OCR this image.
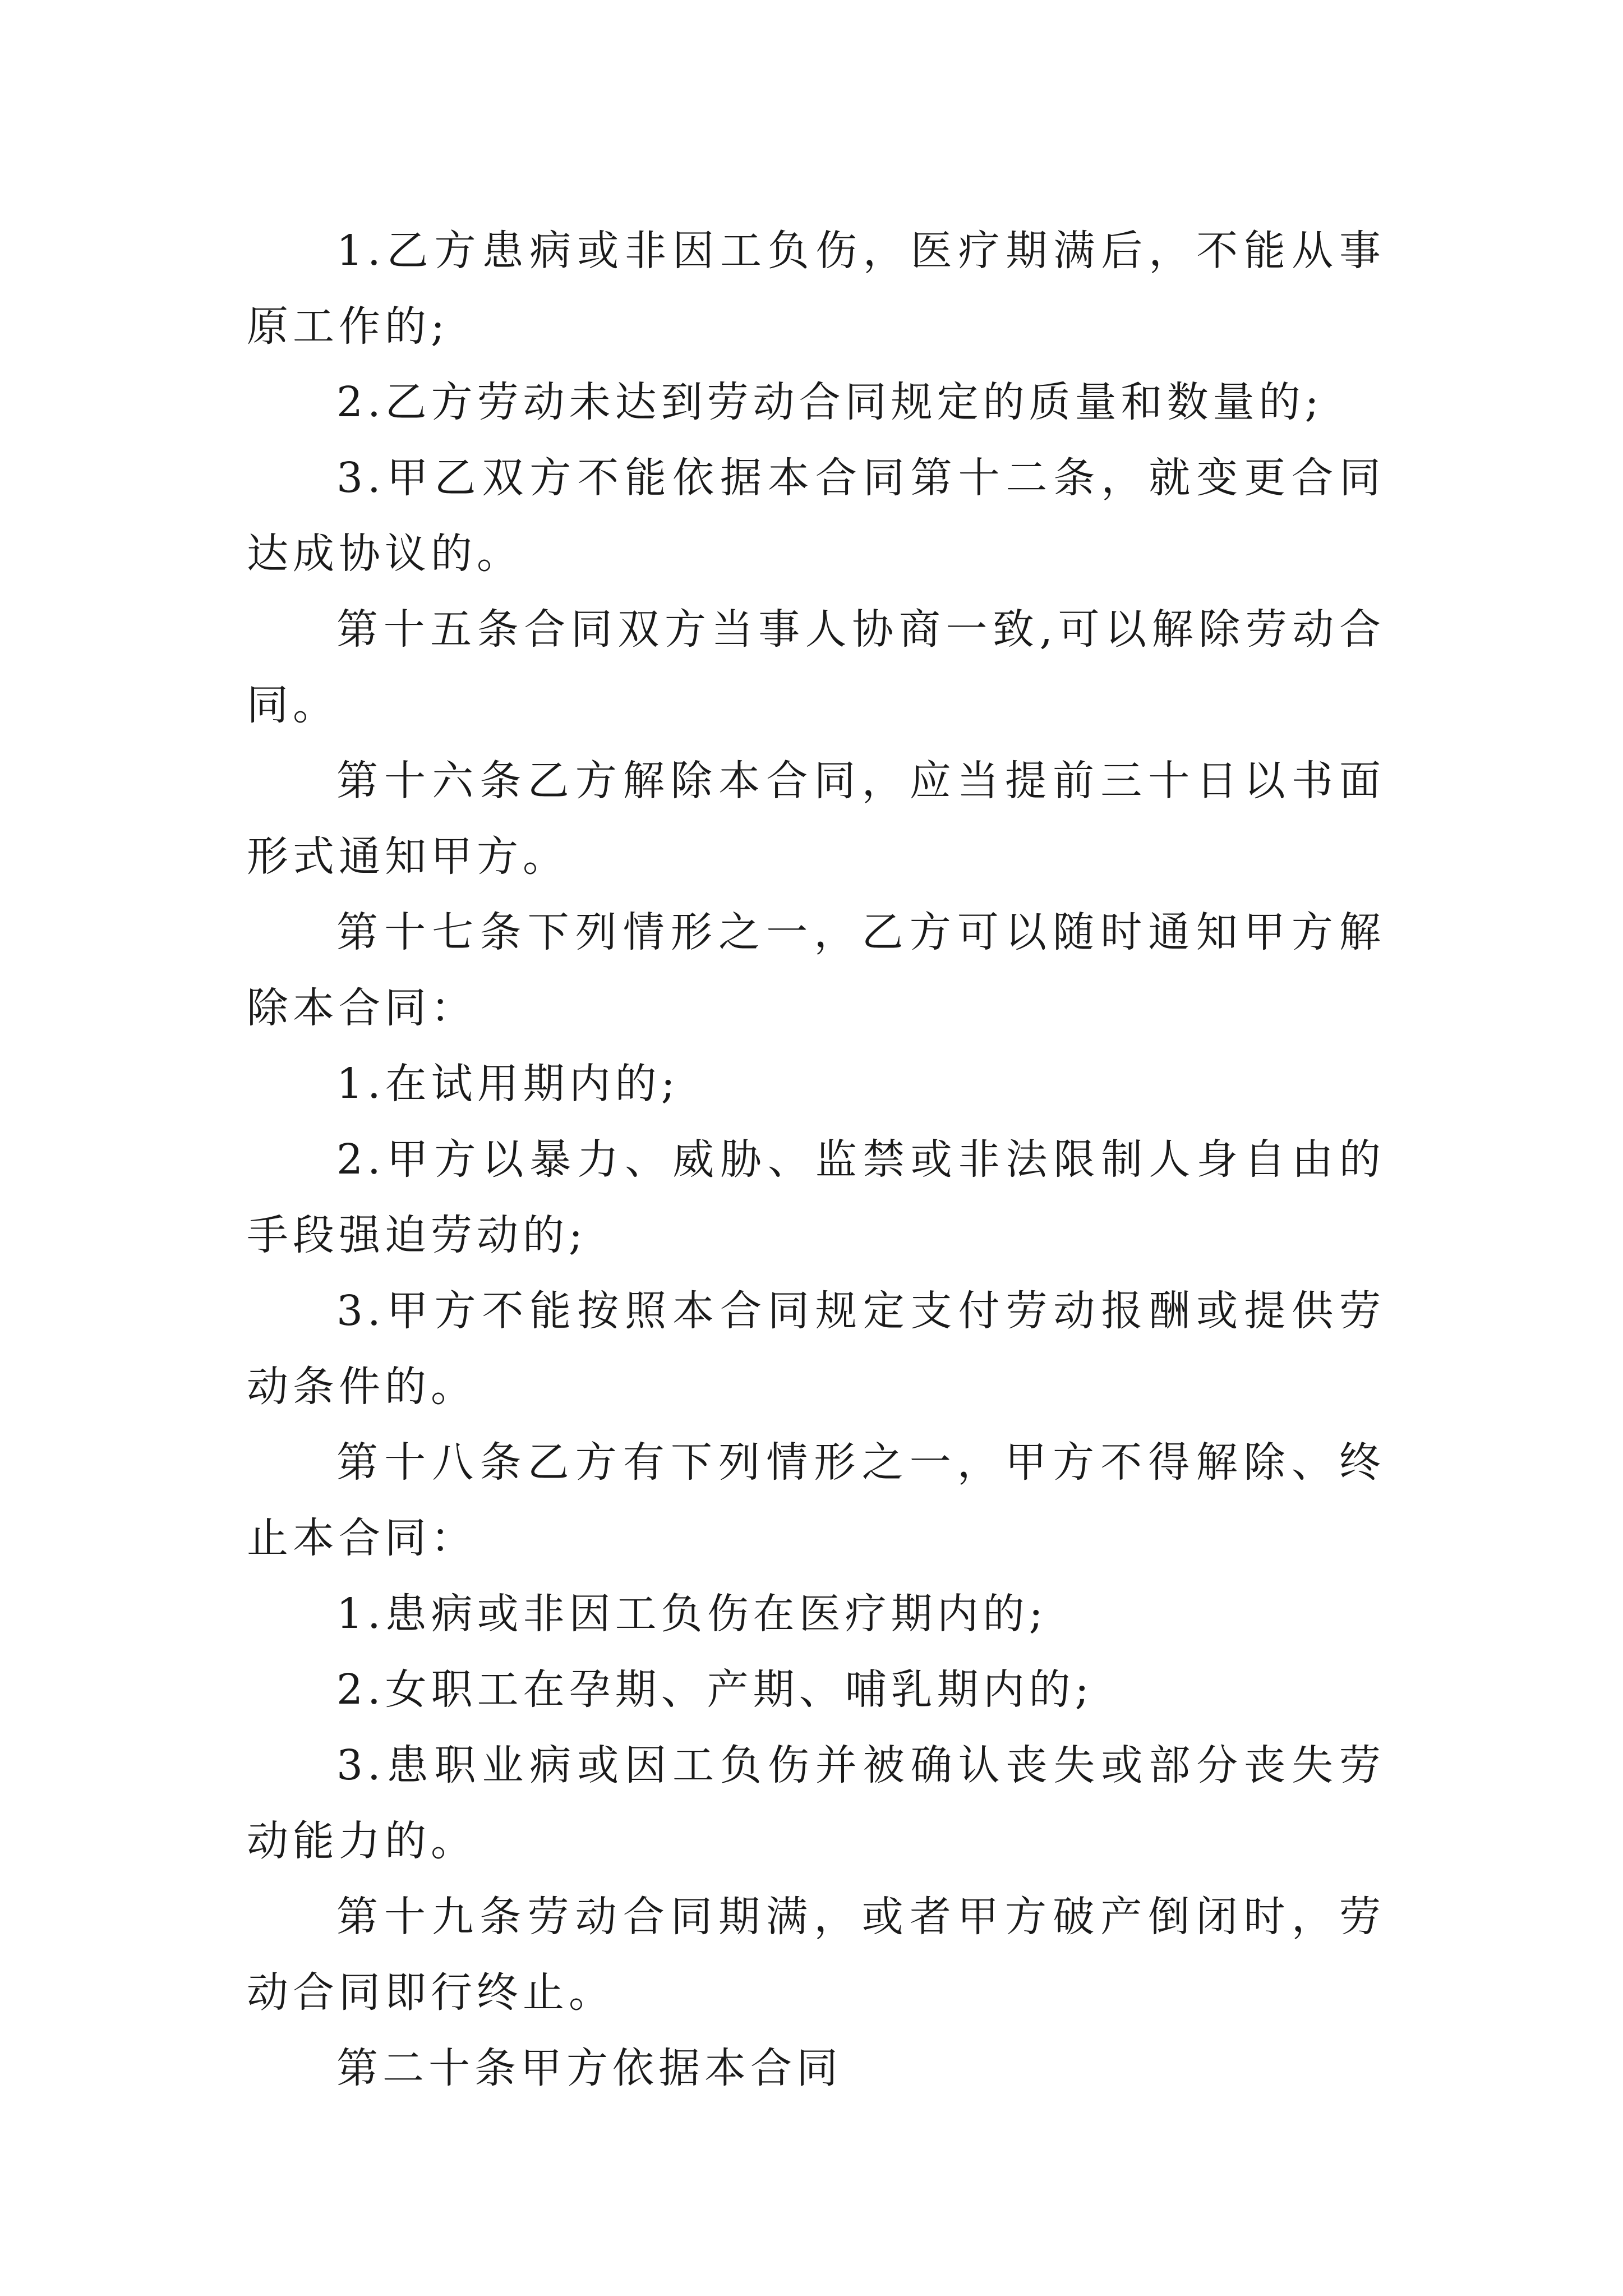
1.乙方患病或非因工负伤，医疗期满后，不能从事原工作的;

2.乙方劳动未达到劳动合同规定的质量和数量的;

3.甲乙双方不能依据本合同第十二条，就变更合同达成协议的。

第十五条合同双方当事人协商一致,可以解除劳动合同。

第十六条乙方解除本合同，应当提前三十日以书面形式通知甲方。

第十七条下列情形之一，乙方可以随时通知甲方解除本合同：

1.在试用期内的;

2.甲方以暴力、威胁、监禁或非法限制人身自由的手段强迫劳动的;

3.甲方不能按照本合同规定支付劳动报酬或提供劳动条件的。

第十八条乙方有下列情形之一，甲方不得解除、终止本合同：

1.患病或非因工负伤在医疗期内的;

2.女职工在孕期、产期、哺乳期内的;

3.患职业病或因工负伤并被确认丧失或部分丧失劳动能力的。

第十九条劳动合同期满，或者甲方破产倒闭时，劳动合同即行终止。

第二十条甲方依据本合同
